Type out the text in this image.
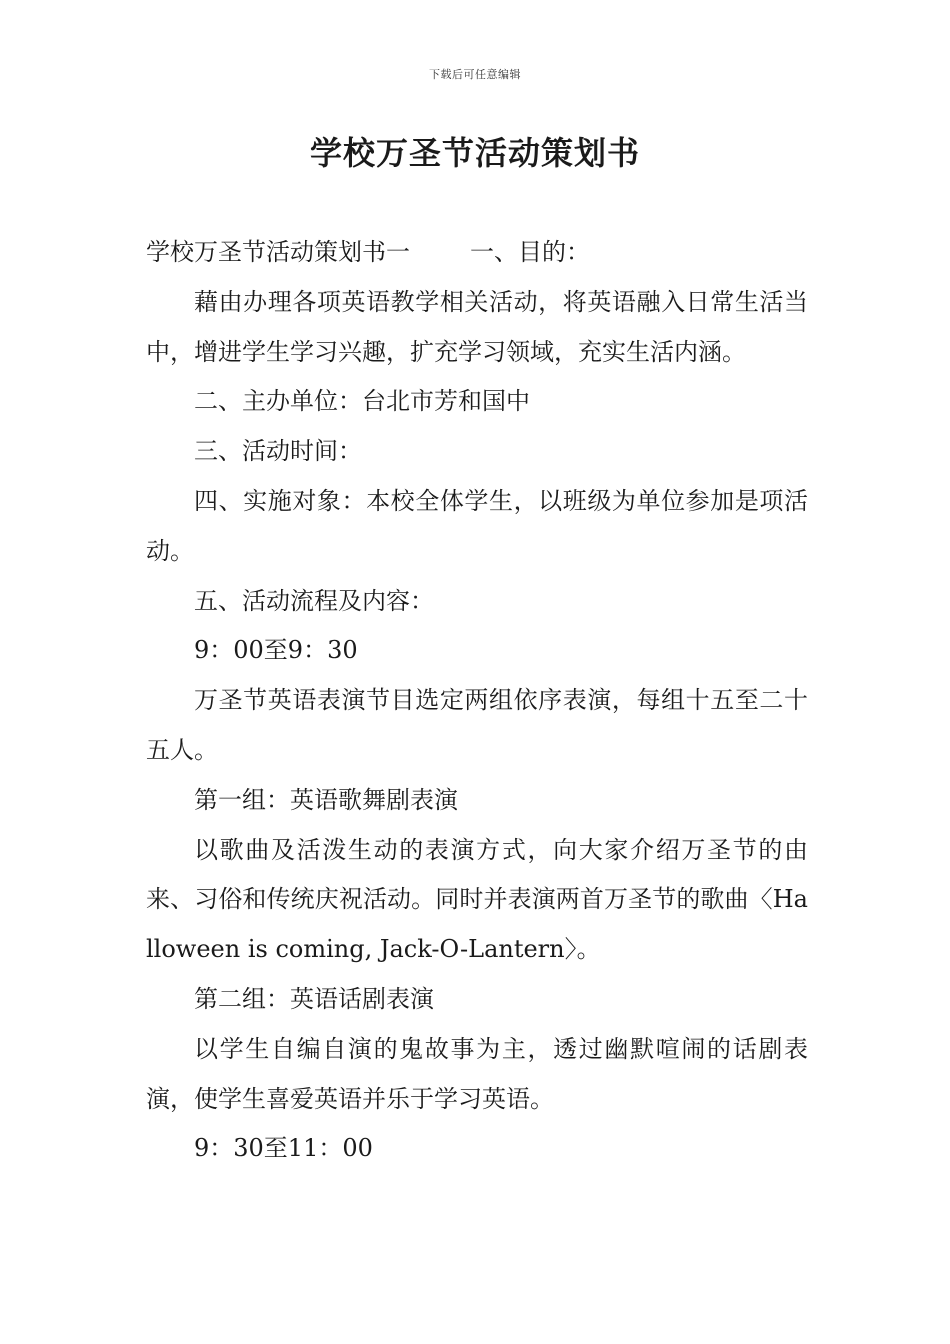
下载后可任意编辑
学校万圣节活动策划书

学校万圣节活动策划书一	一、目的：

藉由办理各项英语教学相关活动，将英语融入日常生活当中，增进学生学习兴趣，扩充学习领域，充实生活内涵。

二、主办单位：台北市芳和国中

三、活动时间：

四、实施对象：本校全体学生，以班级为单位参加是项活动。

五、活动流程及内容：

9：00至9：30

万圣节英语表演节目选定两组依序表演，每组十五至二十五人。

第一组：英语歌舞剧表演

以歌曲及活泼生动的表演方式，向大家介绍万圣节的由来、习俗和传统庆祝活动。同时并表演两首万圣节的歌曲〈Halloween is coming, Jack-O-Lantern〉。

第二组：英语话剧表演

以学生自编自演的鬼故事为主，透过幽默喧闹的话剧表演，使学生喜爱英语并乐于学习英语。

9：30至11：00
